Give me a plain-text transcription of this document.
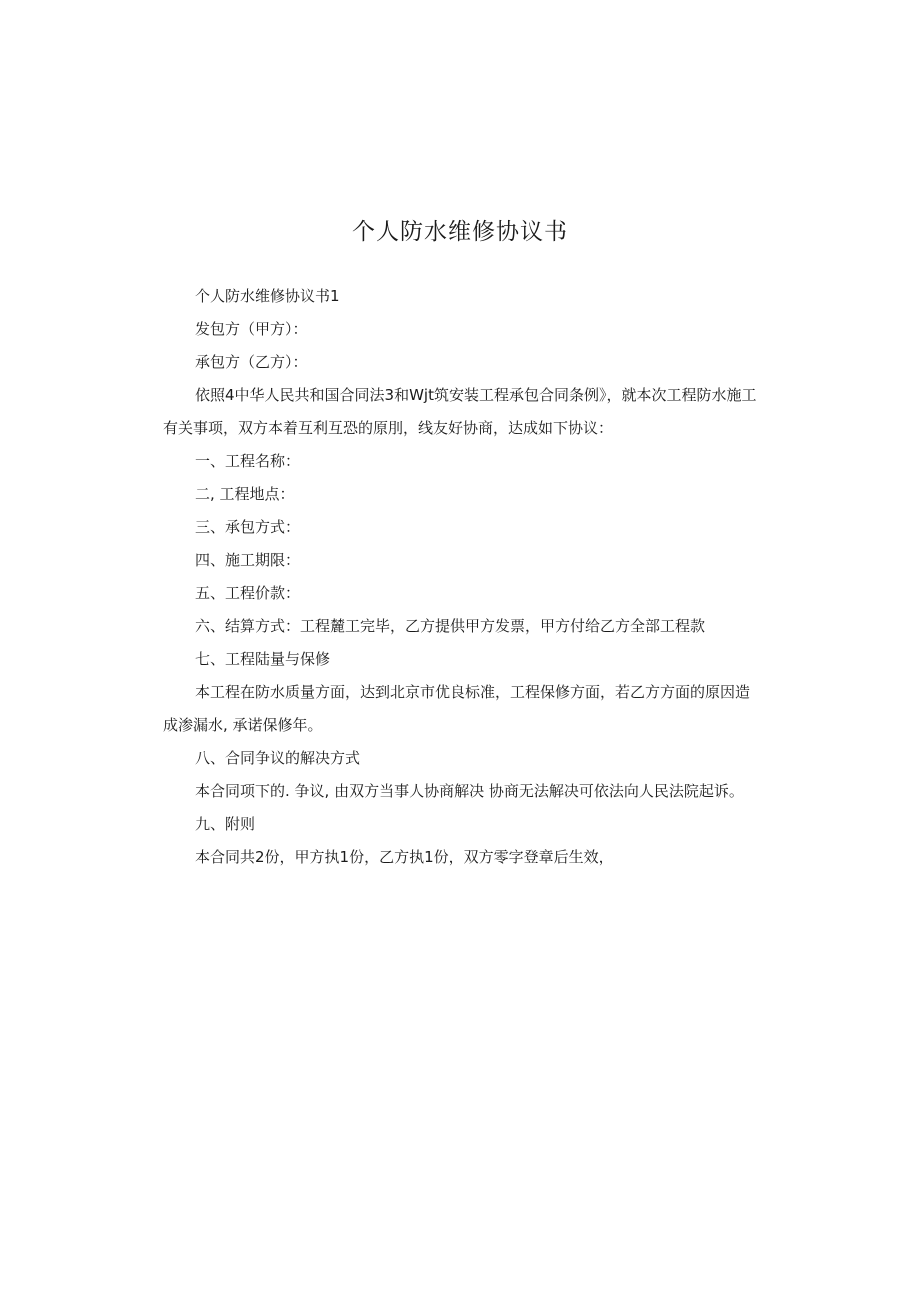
个人防水维修协议书

个人防水维修协议书1

发包方（甲方）：

承包方（乙方）：

依照4中华人民共和国合同法3和Wjt筑安装工程承包合同条例》，就本次工程防水施工有关事项，双方本着互利互恐的原刖，线友好协商，达成如下协议：

一、工程名称：

二, 工程地点：

三、承包方式：

四、施工期限：

五、工程价款：

六、结算方式：工程麓工完毕，乙方提供甲方发票，甲方付给乙方全部工程款

七、工程陆量与保修

本工程在防水质量方面，达到北京市优良标准，工程保修方面，若乙方方面的原因造成渗漏水, 承诺保修年。

八、合同争议的解决方式

本合同项下的. 争议, 由双方当事人协商解决 协商无法解决可依法向人民法院起诉。

九、附则

本合同共2份，甲方执1份，乙方执1份，双方零字登章后生效，
